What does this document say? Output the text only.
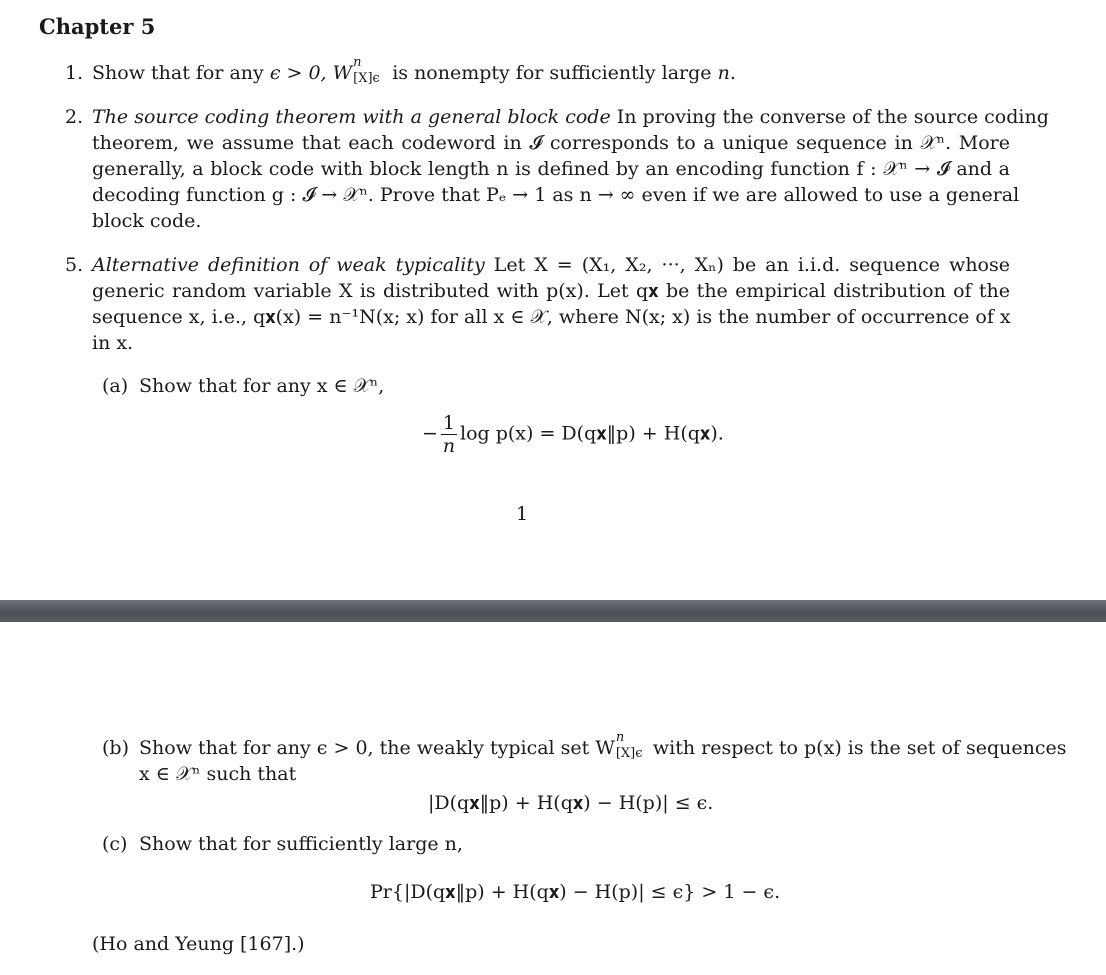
Chapter 5
1. Show that for any ϵ > 0, W n
[X]ϵ is nonempty for sufficiently large n.
2. The source coding theorem with a general block code In proving the converse of the source coding
theorem, we assume that each codeword in 𝓘 corresponds to a unique sequence in 𝒳ⁿ. More
generally, a block code with block length n is defined by an encoding function f : 𝒳ⁿ → 𝓘 and a
decoding function g : 𝓘 → 𝒳ⁿ. Prove that Pₑ → 1 as n → ∞ even if we are allowed to use a general
block code.
5. Alternative definition of weak typicality Let X = (X₁, X₂, ···, Xₙ) be an i.i.d. sequence whose
generic random variable X is distributed with p(x). Let q𝐱 be the empirical distribution of the
sequence x, i.e., q𝐱(x) = n⁻¹N(x; x) for all x ∈ 𝒳, where N(x; x) is the number of occurrence of x
in x.
(a) Show that for any x ∈ 𝒳ⁿ,
− $\frac{1}{n}$ log p(x) = D(q𝐱‖p) + H(q𝐱).
1
(b) Show that for any ϵ > 0, the weakly typical set W n
[X]ϵ with respect to p(x) is the set of sequences
x ∈ 𝒳ⁿ such that
|D(q𝐱‖p) + H(q𝐱) − H(p)| ≤ ϵ.
(c) Show that for sufficiently large n,
Pr{|D(q𝐱‖p) + H(q𝐱) − H(p)| ≤ ϵ} > 1 − ϵ.
(Ho and Yeung [167].)
